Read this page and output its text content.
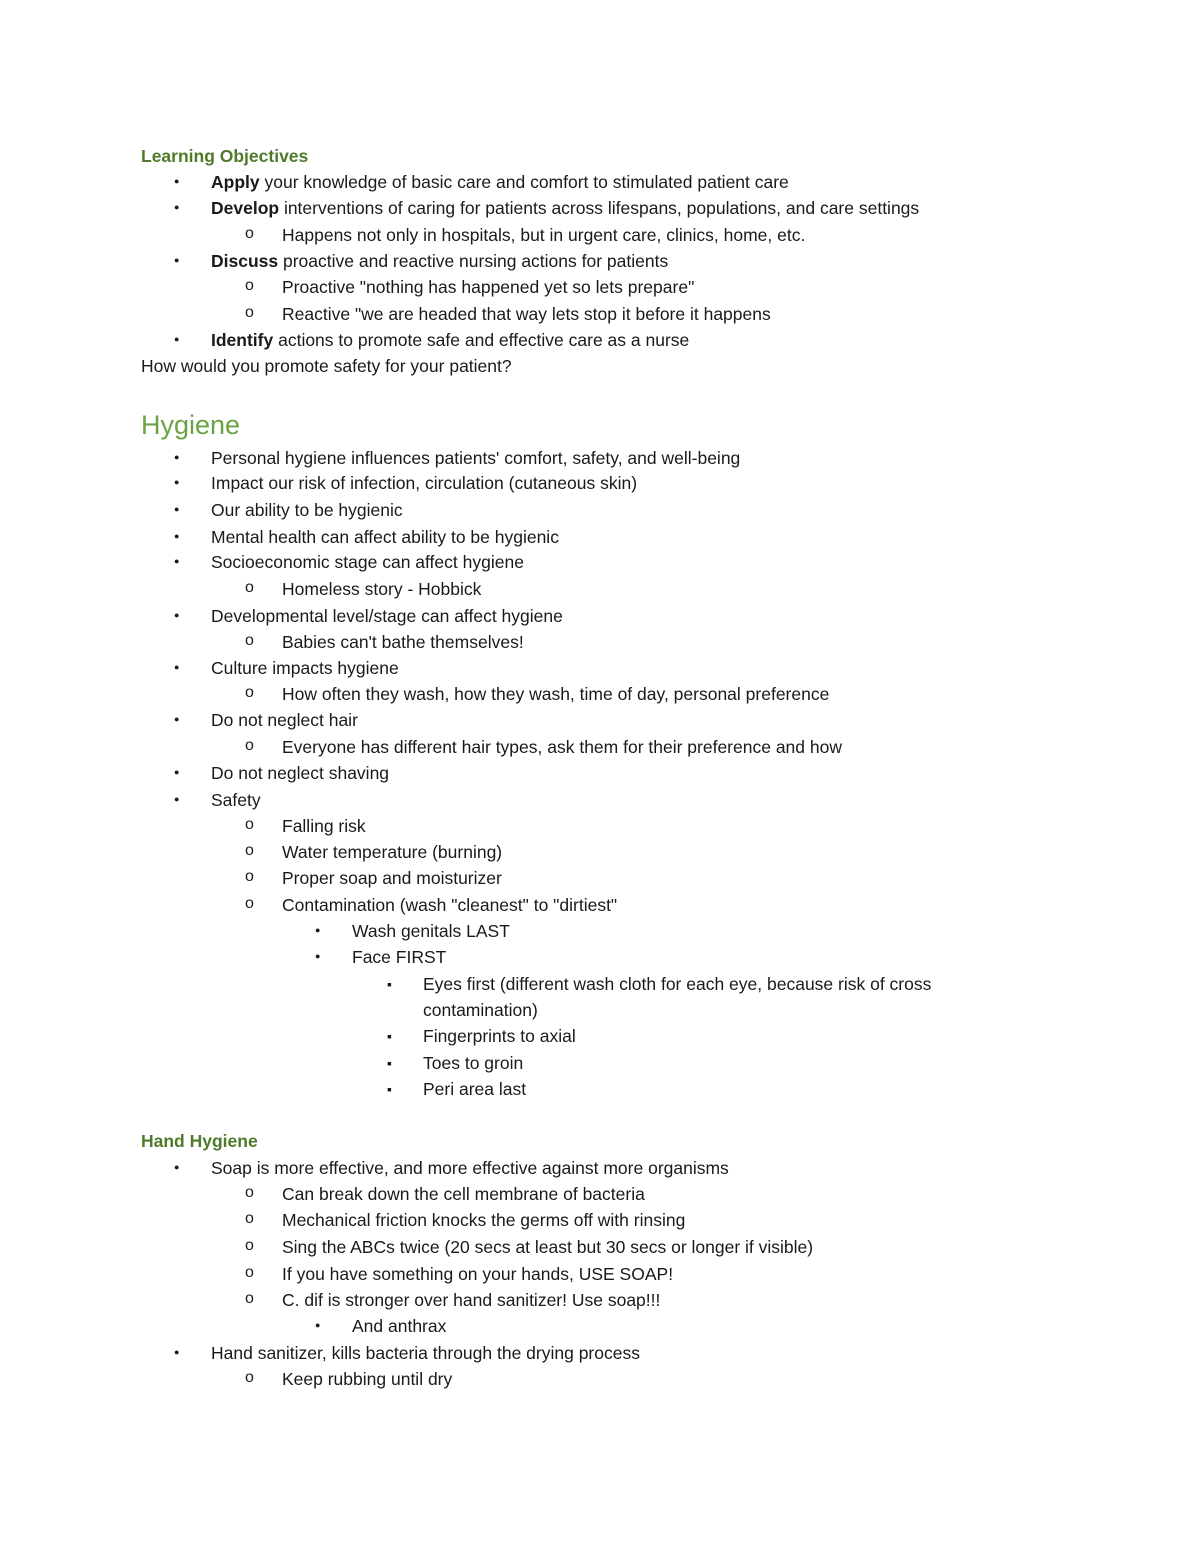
Learning Objectives
●
Apply your knowledge of basic care and comfort to stimulated patient care
●
Develop interventions of caring for patients across lifespans, populations, and care settings
o
Happens not only in hospitals, but in urgent care, clinics, home, etc.
●
Discuss proactive and reactive nursing actions for patients
o
Proactive "nothing has happened yet so lets prepare"
o
Reactive "we are headed that way lets stop it before it happens
●
Identify actions to promote safe and effective care as a nurse
How would you promote safety for your patient?
Hygiene
●
Personal hygiene influences patients' comfort, safety, and well-being
●
Impact our risk of infection, circulation (cutaneous skin)
●
Our ability to be hygienic
●
Mental health can affect ability to be hygienic
●
Socioeconomic stage can affect hygiene
o
Homeless story - Hobbick
●
Developmental level/stage can affect hygiene
o
Babies can't bathe themselves!
●
Culture impacts hygiene
o
How often they wash, how they wash, time of day, personal preference
●
Do not neglect hair
o
Everyone has different hair types, ask them for their preference and how
●
Do not neglect shaving
●
Safety
o
Falling risk
o
Water temperature (burning)
o
Proper soap and moisturizer
o
Contamination (wash "cleanest" to "dirtiest"
●
Wash genitals LAST
●
Face FIRST
▪
Eyes first (different wash cloth for each eye, because risk of cross
contamination)
▪
Fingerprints to axial
▪
Toes to groin
▪
Peri area last
Hand Hygiene
●
Soap is more effective, and more effective against more organisms
o
Can break down the cell membrane of bacteria
o
Mechanical friction knocks the germs off with rinsing
o
Sing the ABCs twice (20 secs at least but 30 secs or longer if visible)
o
If you have something on your hands, USE SOAP!
o
C. dif is stronger over hand sanitizer! Use soap!!!
●
And anthrax
●
Hand sanitizer, kills bacteria through the drying process
o
Keep rubbing until dry
